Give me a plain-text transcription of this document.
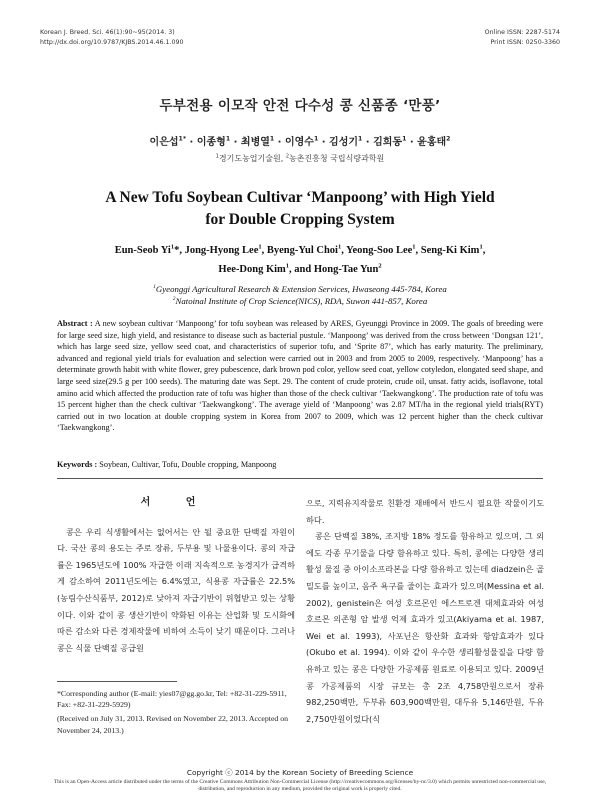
Korean J. Breed. Sci. 46(1):90~95(2014. 3)
http://dx.doi.org/10.9787/KJBS.2014.46.1.090
Online ISSN: 2287-5174
Print ISSN: 0250-3360
두부전용 이모작 안전 다수성 콩 신품종 ‘만풍’
이은섭$^{1*}$ · 이종형$^1$ · 최병열$^1$ · 이영수$^1$ · 김성기$^1$ · 김희동$^1$ · 윤홍태$^2$
$^1$경기도농업기술원, $^2$농촌진흥청 국립식량과학원
A New Tofu Soybean Cultivar ‘Manpoong’ with High Yield
for Double Cropping System
Eun-Seob Yi$^1$*, Jong-Hyong Lee$^1$, Byeng-Yul Choi$^1$, Yeong-Soo Lee$^1$, Seng-Ki Kim$^1$,
Hee-Dong Kim$^1$, and Hong-Tae Yun$^2$
$^1$Gyeonggi Agricultural Research & Extension Services, Hwaseong 445-784, Korea
$^2$Natoinal Institute of Crop Science(NICS), RDA, Suwon 441-857, Korea
Abstract : A new soybean cultivar ‘Manpoong’ for tofu soybean was released by ARES, Gyeunggi Province in 2009. The goals of breeding were for large seed size, high yield, and resistance to disease such as bacterial pustule. ‘Manpoong’ was derived from the cross between ‘Dongsan 121’, which has large seed size, yellow seed coat, and characteristics of superior tofu, and ‘Sprite 87’, which has early maturity. The preliminary, advanced and regional yield trials for evaluation and selection were carried out in 2003 and from 2005 to 2009, respectively. ‘Manpoong’ has a determinate growth habit with white flower, grey pubescence, dark brown pod color, yellow seed coat, yellow cotyledon, elongated seed shape, and large seed size(29.5 g per 100 seeds). The maturing date was Sept. 29. The content of crude protein, crude oil, unsat. fatty acids, isoflavone, total amino acid which affected the production rate of tofu was higher than those of the check cultivar ‘Taekwangkong’. The production rate of tofu was 15 percent higher than the check cultivar ‘Taekwangkong’. The average yield of ‘Manpoong’ was 2.87 MT/ha in the regional yield trials(RYT) carried out in two location at double cropping system in Korea from 2007 to 2009, which was 12 percent higher than the check cultivar ‘Taekwangkong’.
Keywords : Soybean, Cultivar, Tofu, Double cropping, Manpoong
서 언

콩은 우리 식생활에서는 없어서는 안 될 중요한 단백질 자원이다. 국산 콩의 용도는 주로 장류, 두부용 및 나물용이다. 콩의 자급률은 1965년도에 100% 자급한 이래 지속적으로 농경지가 급격하게 감소하여 2011년도에는 6.4%였고, 식용콩 자급률은 22.5%(농림수산식품부, 2012)로 낮아져 자급기반이 위협받고 있는 상황이다. 이와 같이 콩 생산기반이 약화된 이유는 산업화 및 도시화에 따른 감소와 다른 경제작물에 비하여 소득이 낮기 때문이다. 그러나 콩은 식물 단백질 공급원

으로, 지력유지작물로 친환경 재배에서 반드시 필요한 작물이기도 하다.

콩은 단백질 38%, 조지방 18% 정도를 함유하고 있으며, 그 외에도 각종 무기물을 다량 함유하고 있다. 특히, 콩에는 다양한 생리활성 물질 중 아이소프라본을 다량 함유하고 있는데 diadzein은 골밀도를 높이고, 음주 욕구를 줄이는 효과가 있으며(Messina et al. 2002), genistein은 여성 호르몬인 에스트로겐 대체효과와 여성호르몬 의존형 암 발생 억제 효과가 있고(Akiyama et al. 1987, Wei et al. 1993), 사포닌은 항산화 효과와 항암효과가 있다(Okubo et al. 1994). 이와 같이 우수한 생리활성물질을 다량 함유하고 있는 콩은 다양한 가공제품 원료로 이용되고 있다. 2009년 콩 가공제품의 시장 규모는 총 2조 4,758만원으로서 장류 982,250백만, 두부류 603,900백만원, 대두유 5,146만원, 두유 2,750만원이었다(식

*Corresponding author (E-mail: yies07@gg.go.kr, Tel: +82-31-229-5911, Fax: +82-31-229-5929)

(Received on July 31, 2013. Revised on November 22, 2013. Accepted on November 24, 2013.)

Copyright ⓒ 2014 by the Korean Society of Breeding Science
This is an Open-Access article distributed under the terms of the Creative Commons Attribution Non-Commercial License (http://creativecommons.org/licenses/by-nc/3.0) which permits unrestricted non-commercial use, distribution, and reproduction in any medium, provided the original work is properly cited.
